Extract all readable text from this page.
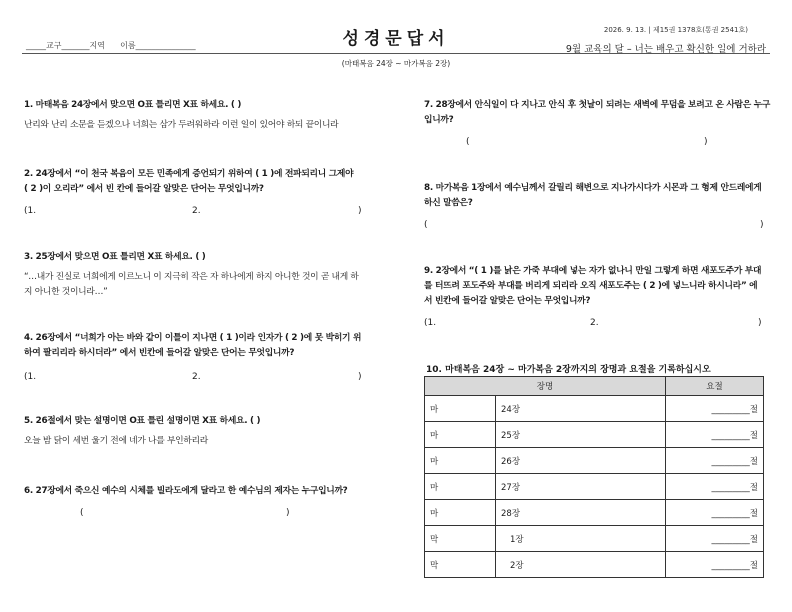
_____교구_______지역      이름_______________	성경문답서	2026. 9. 13. | 제15권 1378호(통권 2541호)
9월 교육의 달 – 너는 배우고 확신한 일에 거하라
(마태복음 24장 ~ 마가복음 2장)
1. 마태복음 24장에서 맞으면 O표 틀리면 X표 하세요. ( )
난리와 난리 소문을 듣겠으나 너희는 삼가 두려워하라 이런 일이 있어야 하되 끝이니라
2. 24장에서 “이 천국 복음이 모든 민족에게 증언되기 위하여 ( 1 )에 전파되리니 그제야
( 2 )이 오리라” 에서 빈 칸에 들어갈 알맞은 단어는 무엇입니까?
(1.	2.	)
3. 25장에서 맞으면 O표 틀리면 X표 하세요. ( )
“…내가 진실로 너희에게 이르노니 이 지극히 작은 자 하나에게 하지 아니한 것이 곧 내게 하
지 아니한 것이니라…”
4. 26장에서 “너희가 아는 바와 같이 이틀이 지나면 ( 1 )이라 인자가 ( 2 )에 못 박히기 위
하여 팔리리라 하시더라” 에서 빈칸에 들어갈 알맞은 단어는 무엇입니까?
(1.	2.	)
5. 26절에서 맞는 설명이면 O표 틀린 설명이면 X표 하세요. ( )
오늘 밤 닭이 세번 울기 전에 네가 나를 부인하리라
6. 27장에서 죽으신 예수의 시체를 빌라도에게 달라고 한 예수님의 제자는 누구입니까?
(	)
7. 28장에서 안식일이 다 지나고 안식 후 첫날이 되려는 새벽에 무덤을 보려고 온 사람은 누구
입니까?
(	)
8. 마가복음 1장에서 예수님께서 갈릴리 해변으로 지나가시다가 시몬과 그 형제 안드레에게
하신 말씀은?
(	)
9. 2장에서 “( 1 )를 낡은 가죽 부대에 넣는 자가 없나니 만일 그렇게 하면 새포도주가 부대
를 터뜨려 포도주와 부대를 버리게 되리라 오직 새포도주는 ( 2 )에 넣느니라 하시니라” 에
서 빈칸에 들어갈 알맞은 단어는 무엇입니까?
(1.	2.	)
10. 마태복음 24장 ~ 마가복음 2장까지의 장명과 요절을 기록하십시오
장명		요절
마	24장	_________절
마	25장	_________절
마	26장	_________절
마	27장	_________절
마	28장	_________절
막	1장	_________절
막	2장	_________절
